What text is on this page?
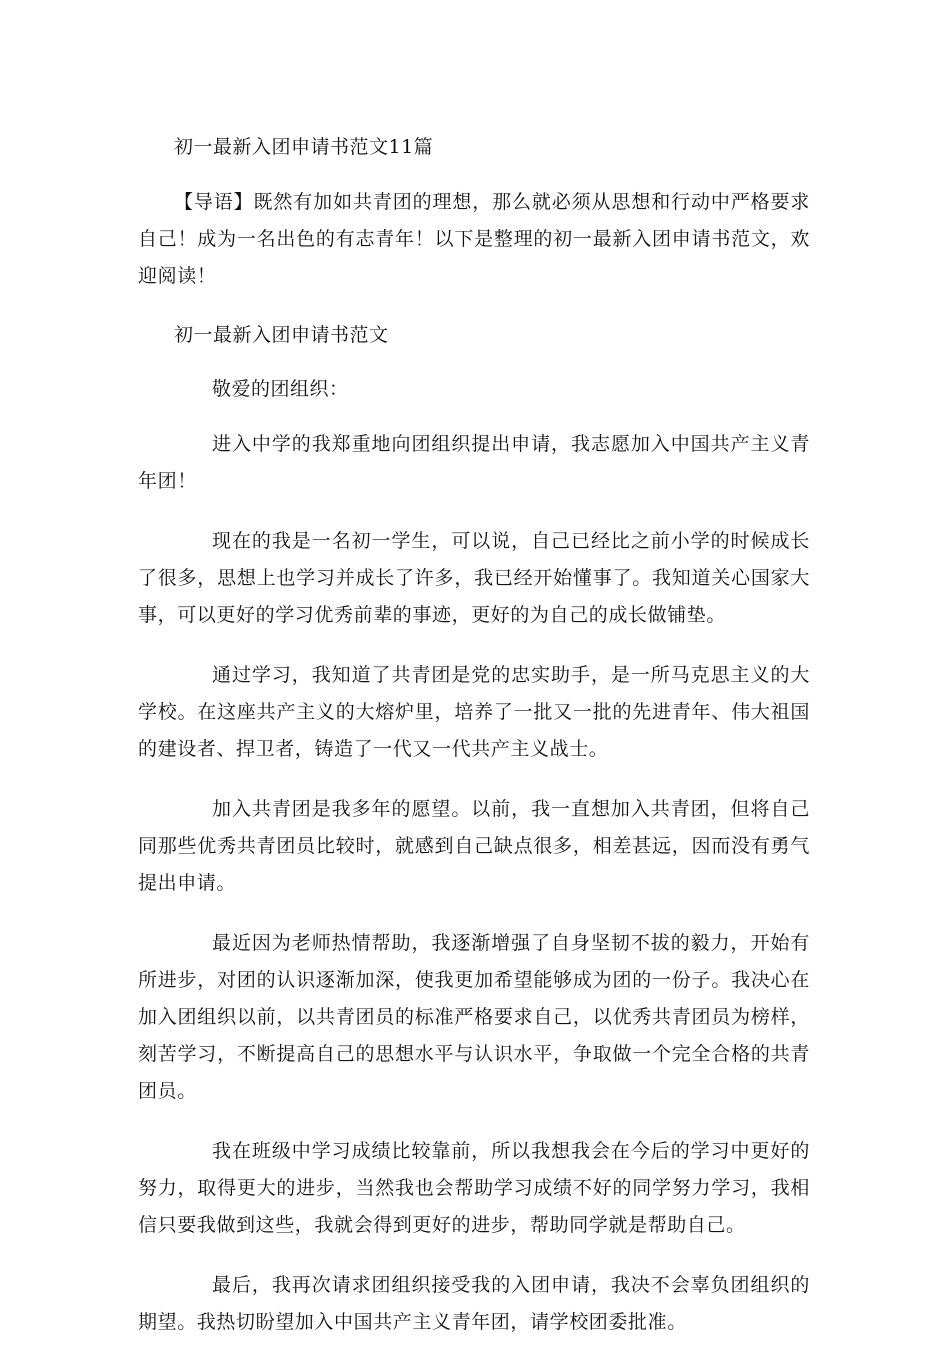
初一最新入团申请书范文11篇

【导语】既然有加如共青团的理想，那么就必须从思想和行动中严格要求自己！成为一名出色的有志青年！以下是整理的初一最新入团申请书范文，欢迎阅读！

初一最新入团申请书范文
敬爱的团组织：

进入中学的我郑重地向团组织提出申请，我志愿加入中国共产主义青年团！

现在的我是一名初一学生，可以说，自己已经比之前小学的时候成长了很多，思想上也学习并成长了许多，我已经开始懂事了。我知道关心国家大事，可以更好的学习优秀前辈的事迹，更好的为自己的成长做铺垫。

通过学习，我知道了共青团是党的忠实助手，是一所马克思主义的大学校。在这座共产主义的大熔炉里，培养了一批又一批的先进青年、伟大祖国的建设者、捍卫者，铸造了一代又一代共产主义战士。

加入共青团是我多年的愿望。以前，我一直想加入共青团，但将自己同那些优秀共青团员比较时，就感到自己缺点很多，相差甚远，因而没有勇气提出申请。

最近因为老师热情帮助，我逐渐增强了自身坚韧不拔的毅力，开始有所进步，对团的认识逐渐加深，使我更加希望能够成为团的一份子。我决心在加入团组织以前，以共青团员的标准严格要求自己，以优秀共青团员为榜样，刻苦学习，不断提高自己的思想水平与认识水平，争取做一个完全合格的共青团员。

我在班级中学习成绩比较靠前，所以我想我会在今后的学习中更好的努力，取得更大的进步，当然我也会帮助学习成绩不好的同学努力学习，我相信只要我做到这些，我就会得到更好的进步，帮助同学就是帮助自己。

最后，我再次请求团组织接受我的入团申请，我决不会辜负团组织的期望。我热切盼望加入中国共产主义青年团，请学校团委批准。
